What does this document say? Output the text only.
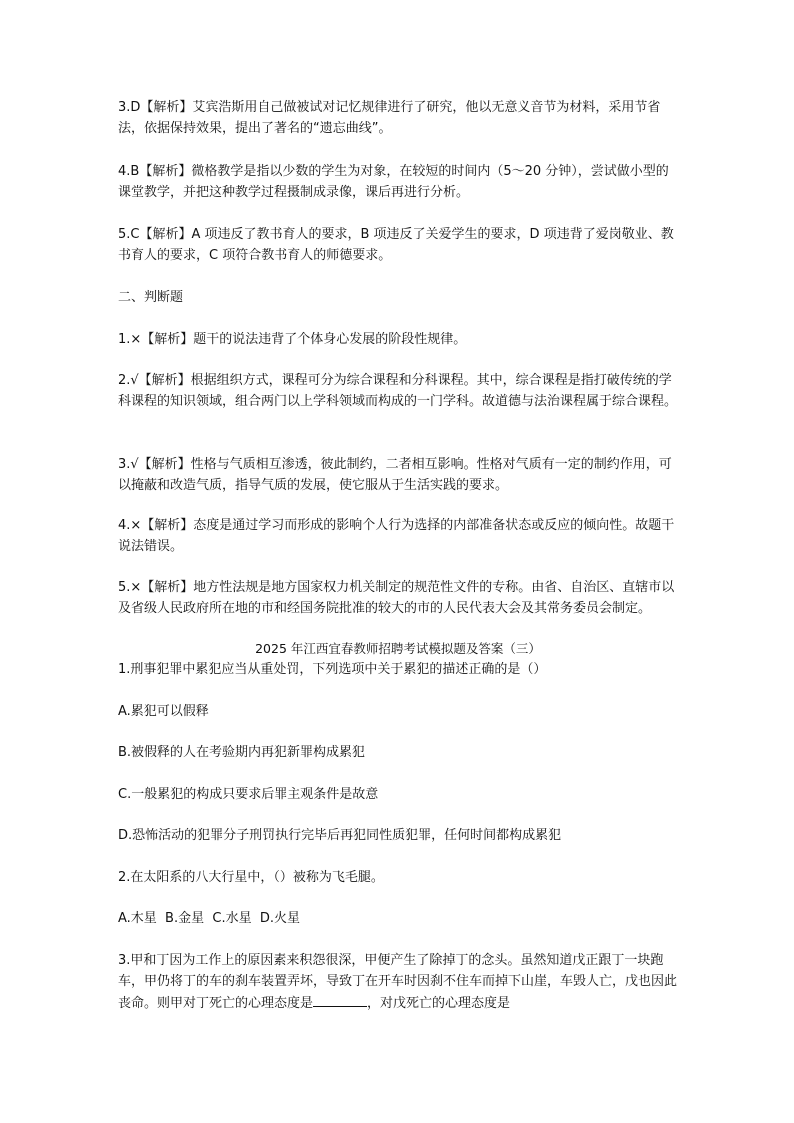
3.D【解析】艾宾浩斯用自己做被试对记忆规律进行了研究，他以无意义音节为材料，采用节省法，依据保持效果，提出了著名的“遗忘曲线”。

4.B【解析】微格教学是指以少数的学生为对象，在较短的时间内（5～20 分钟），尝试做小型的课堂教学，并把这种教学过程摄制成录像，课后再进行分析。

5.C【解析】A 项违反了教书育人的要求，B 项违反了关爱学生的要求，D 项违背了爱岗敬业、教书育人的要求，C 项符合教书育人的师德要求。

二、判断题

1.×【解析】题干的说法违背了个体身心发展的阶段性规律。

2.√【解析】根据组织方式，课程可分为综合课程和分科课程。其中，综合课程是指打破传统的学科课程的知识领域，组合两门以上学科领域而构成的一门学科。故道德与法治课程属于综合课程。

3.√【解析】性格与气质相互渗透，彼此制约，二者相互影响。性格对气质有一定的制约作用，可以掩蔽和改造气质，指导气质的发展，使它服从于生活实践的要求。

4.×【解析】态度是通过学习而形成的影响个人行为选择的内部准备状态或反应的倾向性。故题干说法错误。

5.×【解析】地方性法规是地方国家权力机关制定的规范性文件的专称。由省、自治区、直辖市以及省级人民政府所在地的市和经国务院批准的较大的市的人民代表大会及其常务委员会制定。

2025 年江西宜春教师招聘考试模拟题及答案（三）

1.刑事犯罪中累犯应当从重处罚，下列选项中关于累犯的描述正确的是（）

A.累犯可以假释

B.被假释的人在考验期内再犯新罪构成累犯

C.一般累犯的构成只要求后罪主观条件是故意

D.恐怖活动的犯罪分子刑罚执行完毕后再犯同性质犯罪，任何时间都构成累犯

2.在太阳系的八大行星中，（）被称为飞毛腿。

A.木星  B.金星  C.水星  D.火星

3.甲和丁因为工作上的原因素来积怨很深，甲便产生了除掉丁的念头。虽然知道戊正跟丁一块跑车，甲仍将丁的车的刹车装置弄坏，导致丁在开车时因刹不住车而掉下山崖，车毁人亡，戊也因此丧命。则甲对丁死亡的心理态度是	，对戊死亡的心理态度是
